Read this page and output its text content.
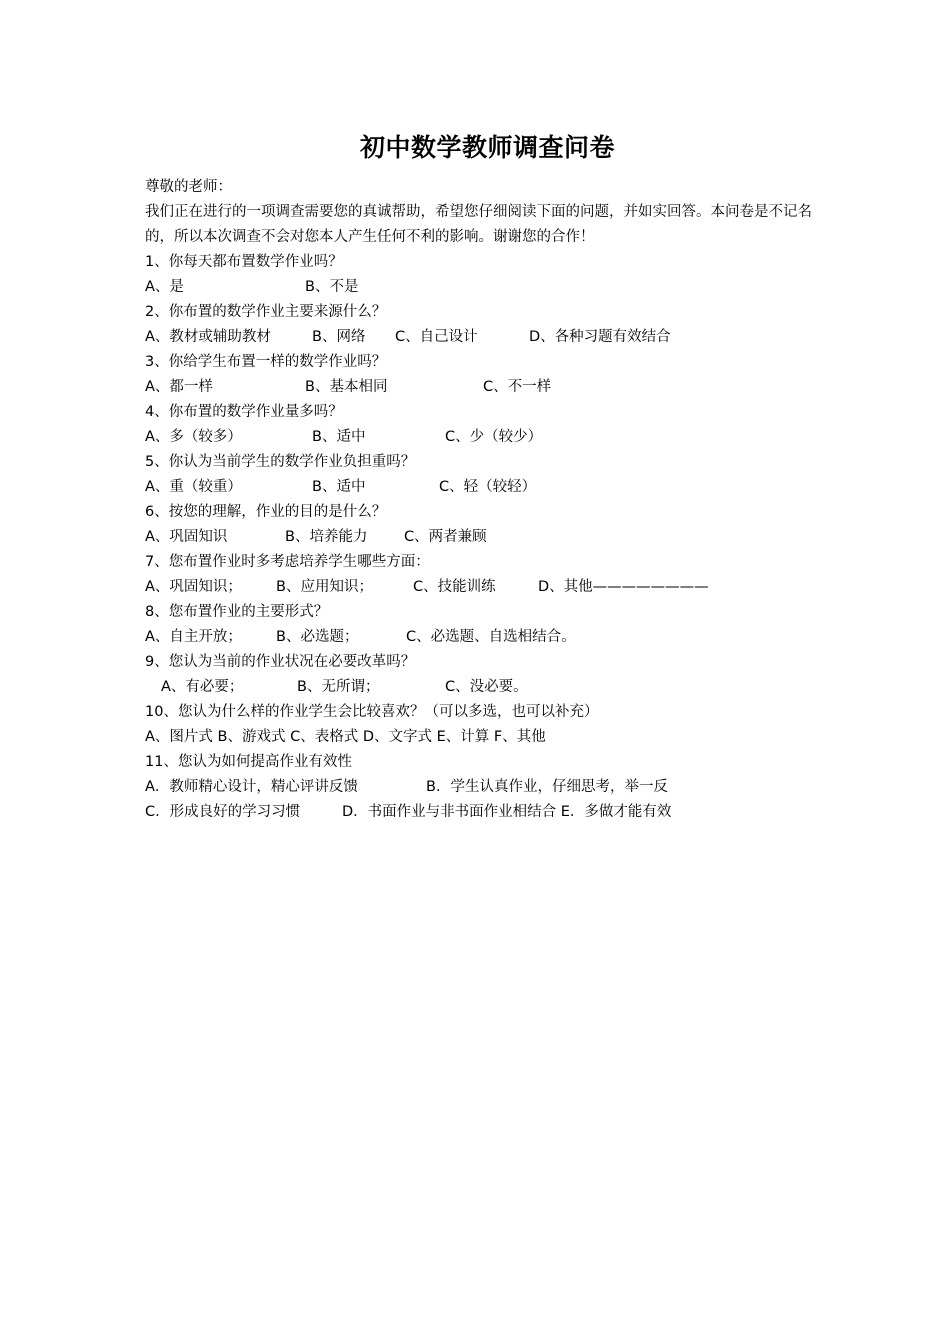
初中数学教师调查问卷
尊敬的老师：
我们正在进行的一项调查需要您的真诚帮助，希望您仔细阅读下面的问题，并如实回答。本问卷是不记名的，所以本次调查不会对您本人产生任何不利的影响。谢谢您的合作！
1、你每天都布置数学作业吗？
A、是	B、不是
2、你布置的数学作业主要来源什么？
A、教材或辅助教材	B、网络 C、自己设计	D、各种习题有效结合
3、你给学生布置一样的数学作业吗？
A、都一样	B、基本相同	C、不一样
4、你布置的数学作业量多吗？
A、多（较多）	B、适中	C、少（较少）
5、你认为当前学生的数学作业负担重吗？
A、重（较重）	B、适中	C、轻（较轻）
6、按您的理解，作业的目的是什么？
A、巩固知识	B、培养能力	C、两者兼顾
7、您布置作业时多考虑培养学生哪些方面：
A、巩固知识； B、应用知识；	C、技能训练	D、其他————————
8、您布置作业的主要形式？
A、自主开放； B、必选题；	C、必选题、自选相结合。
9、您认为当前的作业状况在必要改革吗？
A、有必要；	B、无所谓；	C、没必要。
10、您认为什么样的作业学生会比较喜欢？（可以多选，也可以补充）
A、图片式 B、游戏式 C、表格式 D、文字式 E、计算 F、其他
11、您认为如何提高作业有效性
A．教师精心设计，精心评讲反馈	B．学生认真作业，仔细思考，举一反
C．形成良好的学习习惯	D．书面作业与非书面作业相结合 E．多做才能有效
